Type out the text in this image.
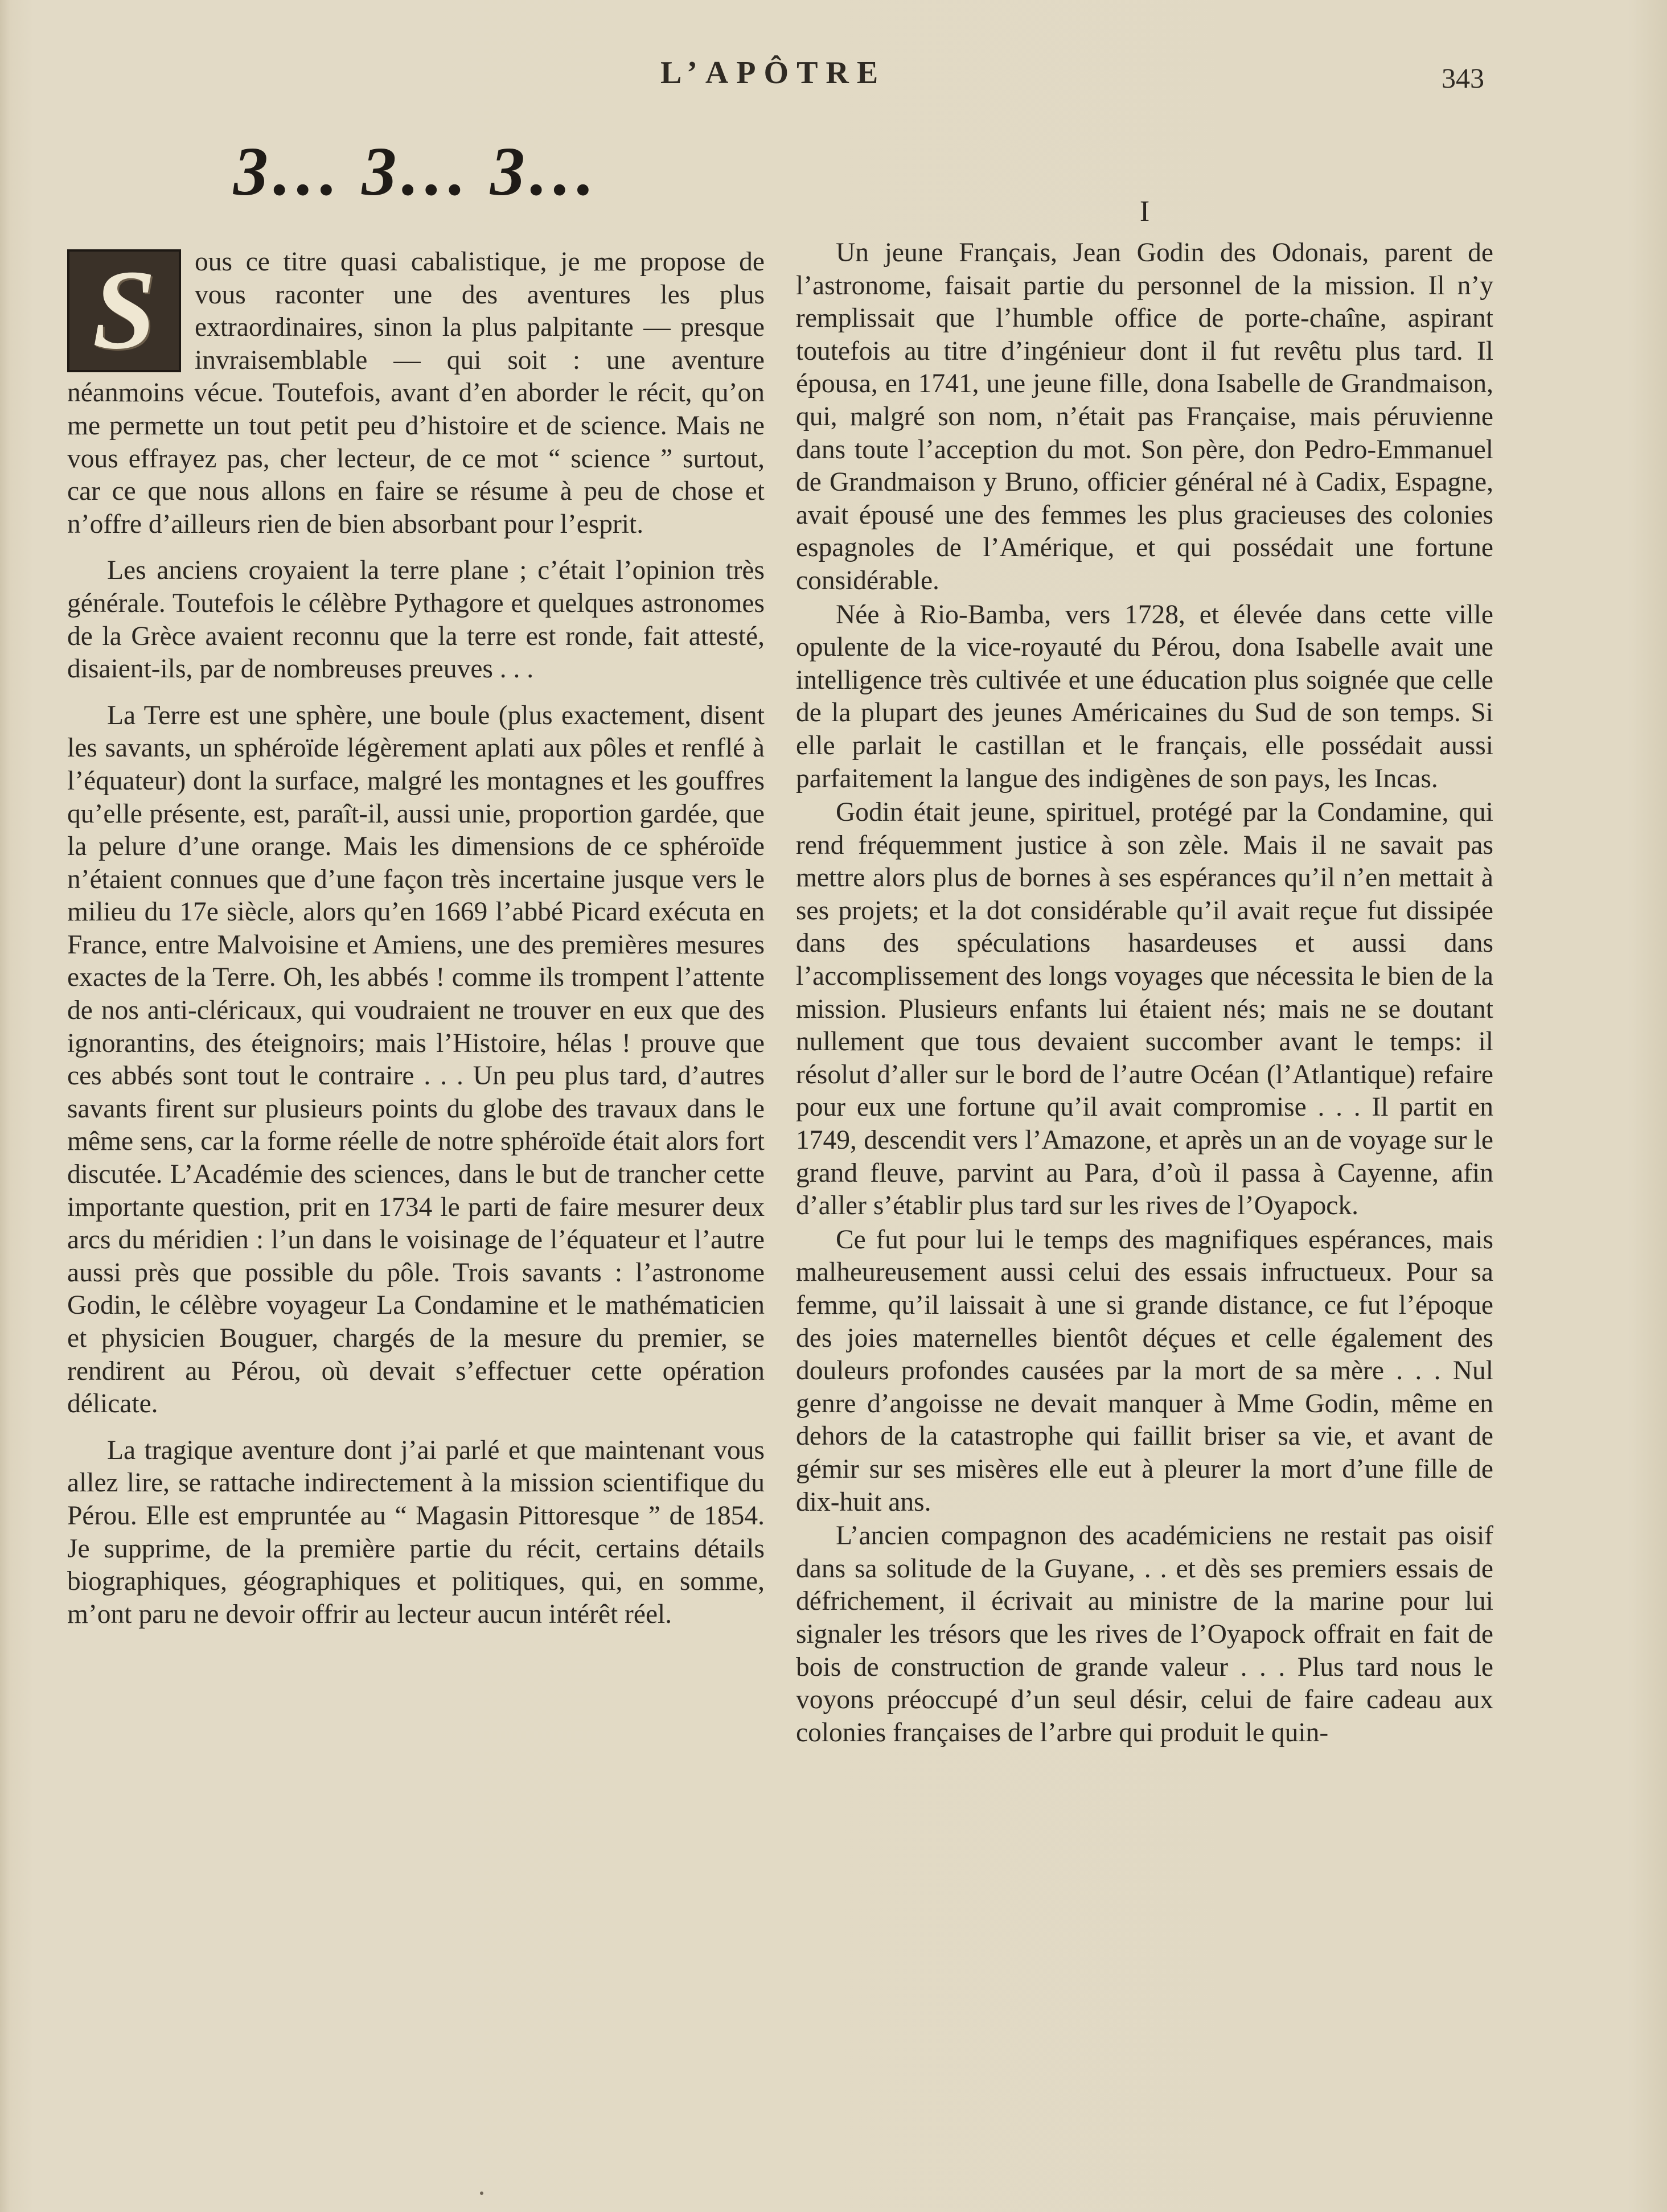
L’APÔTRE	343
3… 3… 3…

S	ous ce titre quasi cabalistique, je me propose de vous raconter une des aventures les plus extraordinaires, sinon la plus palpitante — presque invraisemblable — qui soit : une aventure néanmoins vécue. Toutefois, avant d’en aborder le récit, qu’on me permette un tout petit peu d’histoire et de science. Mais ne vous effrayez pas, cher lecteur, de ce mot “ science ” surtout, car ce que nous allons en faire se résume à peu de chose et n’offre d’ailleurs rien de bien absorbant pour l’esprit.

Les anciens croyaient la terre plane ; c’était l’opinion très générale. Toutefois le célèbre Pythagore et quelques astronomes de la Grèce avaient reconnu que la terre est ronde, fait attesté, disaient-ils, par de nombreuses preuves . . .

La Terre est une sphère, une boule (plus exactement, disent les savants, un sphéroïde légèrement aplati aux pôles et renflé à l’équateur) dont la surface, malgré les montagnes et les gouffres qu’elle présente, est, paraît-il, aussi unie, proportion gardée, que la pelure d’une orange. Mais les dimensions de ce sphéroïde n’étaient connues que d’une façon très incertaine jusque vers le milieu du 17e siècle, alors qu’en 1669 l’abbé Picard exécuta en France, entre Malvoisine et Amiens, une des premières mesures exactes de la Terre. Oh, les abbés ! comme ils trompent l’attente de nos anti-cléricaux, qui voudraient ne trouver en eux que des ignorantins, des éteignoirs; mais l’Histoire, hélas ! prouve que ces abbés sont tout le contraire . . . Un peu plus tard, d’autres savants firent sur plusieurs points du globe des travaux dans le même sens, car la forme réelle de notre sphéroïde était alors fort discutée. L’Académie des sciences, dans le but de trancher cette importante question, prit en 1734 le parti de faire mesurer deux arcs du méridien : l’un dans le voisinage de l’équateur et l’autre aussi près que possible du pôle. Trois savants : l’astronome Godin, le célèbre voyageur La Condamine et le mathématicien et physicien Bouguer, chargés de la mesure du premier, se rendirent au Pérou, où devait s’effectuer cette opération délicate.

La tragique aventure dont j’ai parlé et que maintenant vous allez lire, se rattache indirectement à la mission scientifique du Pérou. Elle est empruntée au “ Magasin Pittoresque ” de 1854. Je supprime, de la première partie du récit, certains détails biographiques, géographiques et politiques, qui, en somme, m’ont paru ne devoir offrir au lecteur aucun intérêt réel.

I

Un jeune Français, Jean Godin des Odonais, parent de l’astronome, faisait partie du personnel de la mission. Il n’y remplissait que l’humble office de porte-chaîne, aspirant toutefois au titre d’ingénieur dont il fut revêtu plus tard. Il épousa, en 1741, une jeune fille, dona Isabelle de Grandmaison, qui, malgré son nom, n’était pas Française, mais péruvienne dans toute l’acception du mot. Son père, don Pedro-Emmanuel de Grandmaison y Bruno, officier général né à Cadix, Espagne, avait épousé une des femmes les plus gracieuses des colonies espagnoles de l’Amérique, et qui possédait une fortune considérable.

Née à Rio-Bamba, vers 1728, et élevée dans cette ville opulente de la vice-royauté du Pérou, dona Isabelle avait une intelligence très cultivée et une éducation plus soignée que celle de la plupart des jeunes Américaines du Sud de son temps. Si elle parlait le castillan et le français, elle possédait aussi parfaitement la langue des indigènes de son pays, les Incas.

Godin était jeune, spirituel, protégé par la Condamine, qui rend fréquemment justice à son zèle. Mais il ne savait pas mettre alors plus de bornes à ses espérances qu’il n’en mettait à ses projets; et la dot considérable qu’il avait reçue fut dissipée dans des spéculations hasardeuses et aussi dans l’accomplissement des longs voyages que nécessita le bien de la mission. Plusieurs enfants lui étaient nés; mais ne se doutant nullement que tous devaient succomber avant le temps: il résolut d’aller sur le bord de l’autre Océan (l’Atlantique) refaire pour eux une fortune qu’il avait compromise . . . Il partit en 1749, descendit vers l’Amazone, et après un an de voyage sur le grand fleuve, parvint au Para, d’où il passa à Cayenne, afin d’aller s’établir plus tard sur les rives de l’Oyapock.

Ce fut pour lui le temps des magnifiques espérances, mais malheureusement aussi celui des essais infructueux. Pour sa femme, qu’il laissait à une si grande distance, ce fut l’époque des joies maternelles bientôt déçues et celle également des douleurs profondes causées par la mort de sa mère . . . Nul genre d’angoisse ne devait manquer à Mme Godin, même en dehors de la catastrophe qui faillit briser sa vie, et avant de gémir sur ses misères elle eut à pleurer la mort d’une fille de dix-huit ans.

L’ancien compagnon des académiciens ne restait pas oisif dans sa solitude de la Guyane, . . et dès ses premiers essais de défrichement, il écrivait au ministre de la marine pour lui signaler les trésors que les rives de l’Oyapock offrait en fait de bois de construction de grande valeur . . . Plus tard nous le voyons préoccupé d’un seul désir, celui de faire cadeau aux colonies françaises de l’arbre qui produit le quin-
